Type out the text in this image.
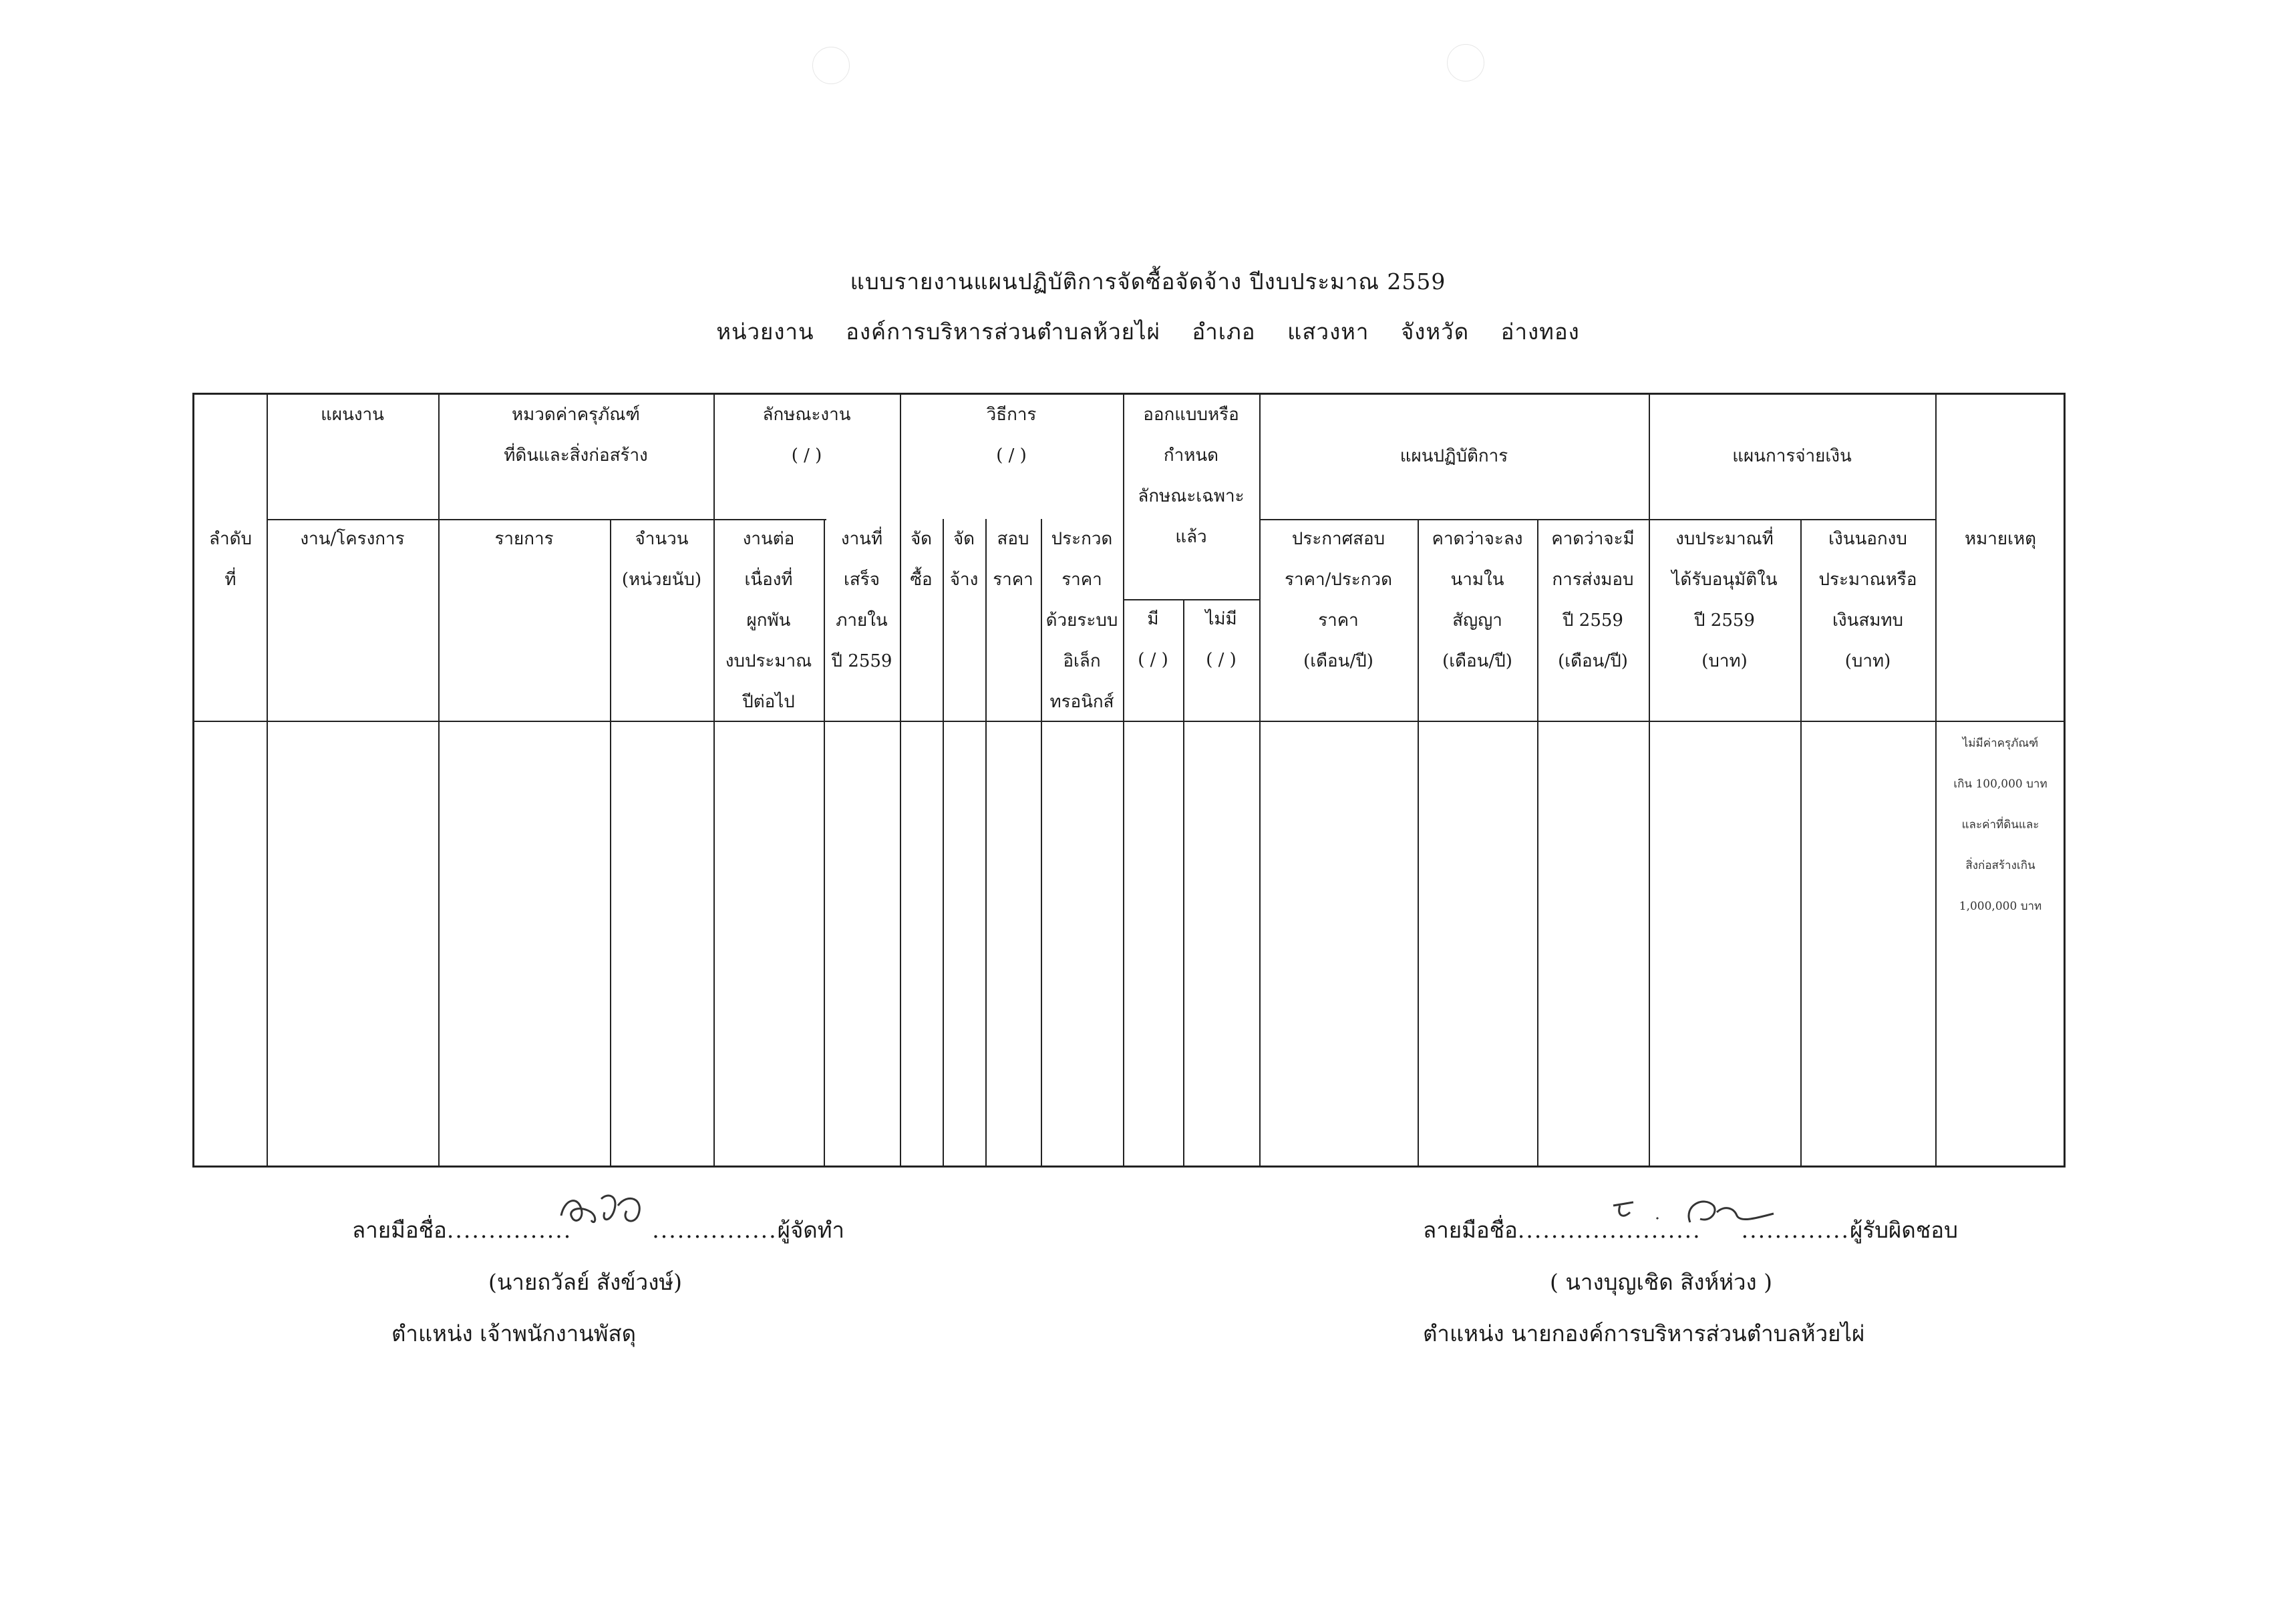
แบบรายงานแผนปฏิบัติการจัดซื้อจัดจ้าง ปีงบประมาณ 2559
หน่วยงาน องค์การบริหารส่วนตำบลห้วยไผ่ อำเภอ แสวงหา จังหวัด อ่างทอง
ลำดับ
ที่
แผนงาน
งาน/โครงการ
หมวดค่าครุภัณฑ์
ที่ดินและสิ่งก่อสร้าง
รายการ	จำนวน
(หน่วยนับ)
ลักษณะงาน
( / )
งานต่อ
เนื่องที่
ผูกพัน
งบประมาณ
ปีต่อไป
งานที่
เสร็จ
ภายใน
ปี 2559
วิธีการ
( / )
จัด
ซื้อ
จัด
จ้าง
สอบ
ราคา
ประกวด
ราคา
ด้วยระบบ
อิเล็ก
ทรอนิกส์
ออกแบบหรือ
กำหนด
ลักษณะเฉพาะ
แล้ว
มี
( / )
ไม่มี
( / )
แผนปฏิบัติการ
ประกาศสอบ
ราคา/ประกวด
ราคา
(เดือน/ปี)
คาดว่าจะลง
นามใน
สัญญา
(เดือน/ปี)
คาดว่าจะมี
การส่งมอบ
ปี 2559
(เดือน/ปี)
แผนการจ่ายเงิน
งบประมาณที่
ได้รับอนุมัติใน
ปี 2559
(บาท)
เงินนอกงบ
ประมาณหรือ
เงินสมทบ
(บาท)
หมายเหตุ
ไม่มีค่าครุภัณฑ์
เกิน 100,000 บาท
และค่าที่ดินและ
สิ่งก่อสร้างเกิน
1,000,000 บาท
ลายมือชื่อ...............	...............ผู้จัดทำ
(นายถวัลย์ สังข์วงษ์)
ตำแหน่ง เจ้าพนักงานพัสดุ
ลายมือชื่อ...................... .............ผู้รับผิดชอบ
( นางบุญเชิด สิงห์ห่วง )
ตำแหน่ง นายกองค์การบริหารส่วนตำบลห้วยไผ่
